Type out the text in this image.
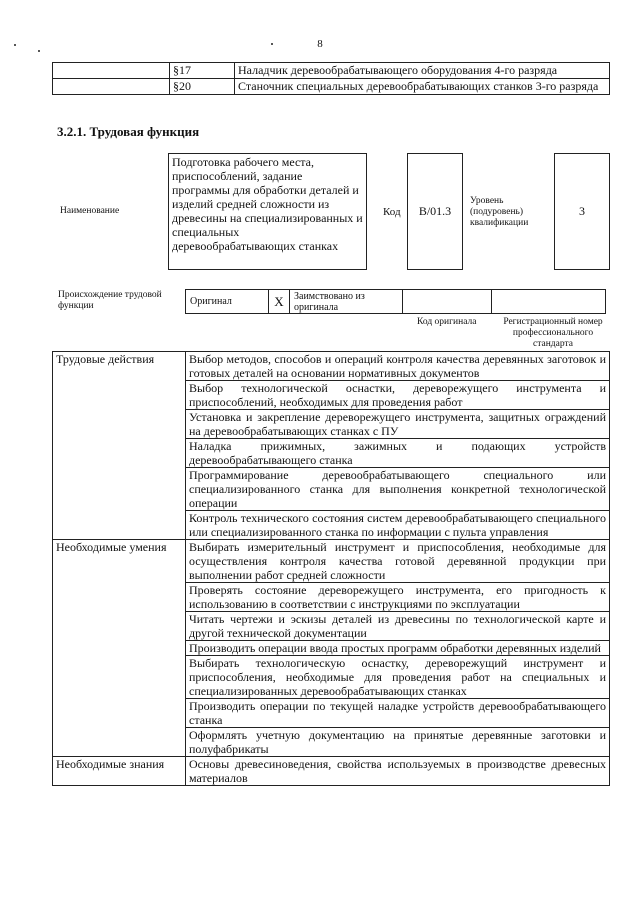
8
	§17	Наладчик деревообрабатывающего оборудования 4-го разряда
	§20	Станочник специальных деревообрабатывающих станков 3-го разряда
3.2.1. Трудовая функция
Наименование
Подготовка рабочего места, приспособлений, задание программы для обработки деталей и изделий средней сложности из древесины на специализированных и специальных деревообрабатывающих станках
Код	B/01.3
Уровень (подуровень) квалификации
3
Происхождение трудовой функции	Оригинал	X	Заимствовано из оригинала		
Код оригинала	Регистрационный номер профессионального стандарта
Трудовые действия	Выбор методов, способов и операций контроля качества деревянных заготовок и готовых деталей на основании нормативных документов
	Выбор технологической оснастки, дереворежущего инструмента и приспособлений, необходимых для проведения работ
	Установка и закрепление дереворежущего инструмента, защитных ограждений на деревообрабатывающих станках с ПУ
	Наладка прижимных, зажимных и подающих устройств деревообрабатывающего станка
	Программирование деревообрабатывающего специального или специализированного станка для выполнения конкретной технологической операции
	Контроль технического состояния систем деревообрабатывающего специального или специализированного станка по информации с пульта управления
Необходимые умения	Выбирать измерительный инструмент и приспособления, необходимые для осуществления контроля качества готовой деревянной продукции при выполнении работ средней сложности
	Проверять состояние дереворежущего инструмента, его пригодность к использованию в соответствии с инструкциями по эксплуатации
	Читать чертежи и эскизы деталей из древесины по технологической карте и другой технической документации
	Производить операции ввода простых программ обработки деревянных изделий
	Выбирать технологическую оснастку, дереворежущий инструмент и приспособления, необходимые для проведения работ на специальных и специализированных деревообрабатывающих станках
	Производить операции по текущей наладке устройств деревообрабатывающего станка
	Оформлять учетную документацию на принятые деревянные заготовки и полуфабрикаты
Необходимые знания	Основы древесиноведения, свойства используемых в производстве древесных материалов
